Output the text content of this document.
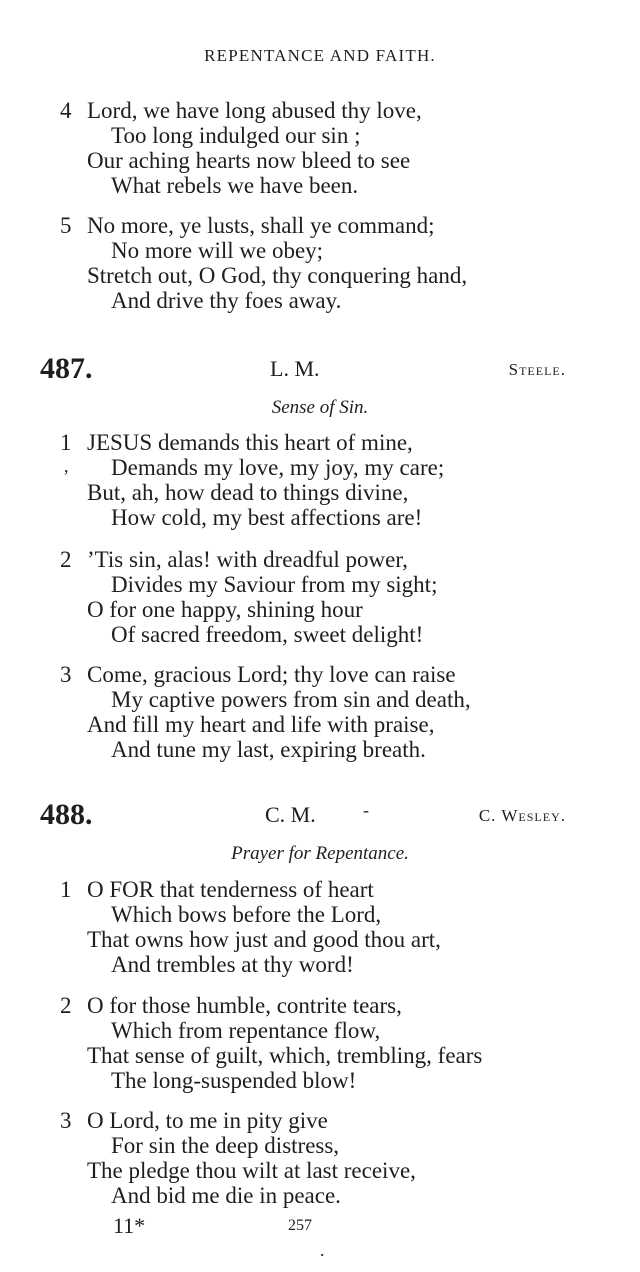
REPENTANCE AND FAITH.
4 Lord, we have long abused thy love,
Too long indulged our sin ;
Our aching hearts now bleed to see
What rebels we have been.
5 No more, ye lusts, shall ye command;
No more will we obey;
Stretch out, O God, thy conquering hand,
And drive thy foes away.
487.	L. M.	Steele.
Sense of Sin.
1 JESUS demands this heart of mine,
Demands my love, my joy, my care;
But, ah, how dead to things divine,
How cold, my best affections are!
,
2 ’Tis sin, alas! with dreadful power,
Divides my Saviour from my sight;
O for one happy, shining hour
Of sacred freedom, sweet delight!
3 Come, gracious Lord; thy love can raise
My captive powers from sin and death,
And fill my heart and life with praise,
And tune my last, expiring breath.
488.	C. M.	-	C. Wesley.
Prayer for Repentance.
1 O FOR that tenderness of heart
Which bows before the Lord,
That owns how just and good thou art,
And trembles at thy word!
2 O for those humble, contrite tears,
Which from repentance flow,
That sense of guilt, which, trembling, fears
The long-suspended blow!
3 O Lord, to me in pity give
For sin the deep distress,
The pledge thou wilt at last receive,
And bid me die in peace.
11*	257
.
